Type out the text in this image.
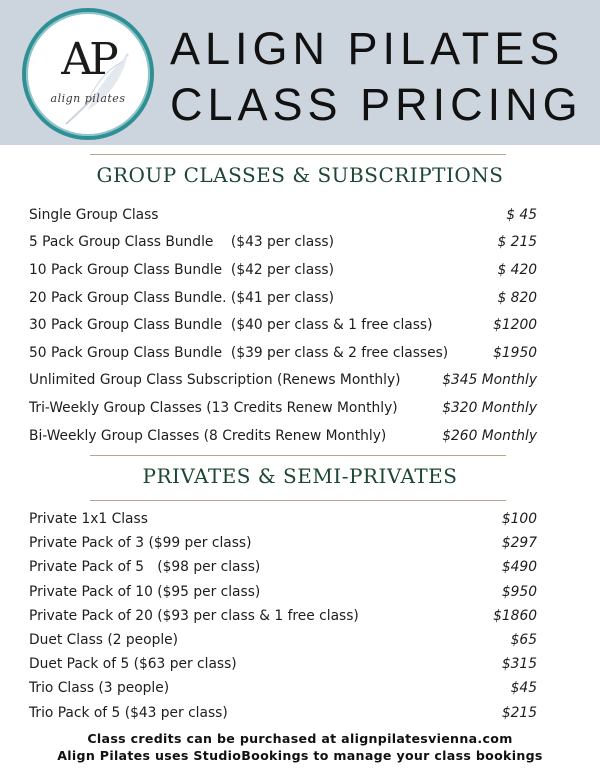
AP
align pilates
ALIGN PILATES
CLASS PRICING
GROUP CLASSES & SUBSCRIPTIONS
Single Group Class	$ 45
5 Pack Group Class Bundle    ($43 per class)	$ 215
10 Pack Group Class Bundle  ($42 per class)	$ 420
20 Pack Group Class Bundle. ($41 per class)	$ 820
30 Pack Group Class Bundle  ($40 per class & 1 free class)	$1200
50 Pack Group Class Bundle  ($39 per class & 2 free classes)	$1950
Unlimited Group Class Subscription (Renews Monthly)	$345 Monthly
Tri-Weekly Group Classes (13 Credits Renew Monthly)	$320 Monthly
Bi-Weekly Group Classes (8 Credits Renew Monthly)	$260 Monthly
PRIVATES & SEMI-PRIVATES
Private 1x1 Class	$100
Private Pack of 3 ($99 per class)	$297
Private Pack of 5   ($98 per class)	$490
Private Pack of 10 ($95 per class)	$950
Private Pack of 20 ($93 per class & 1 free class)	$1860
Duet Class (2 people)	$65
Duet Pack of 5 ($63 per class)	$315
Trio Class (3 people)	$45
Trio Pack of 5 ($43 per class)	$215
Class credits can be purchased at alignpilatesvienna.com
Align Pilates uses StudioBookings to manage your class bookings
